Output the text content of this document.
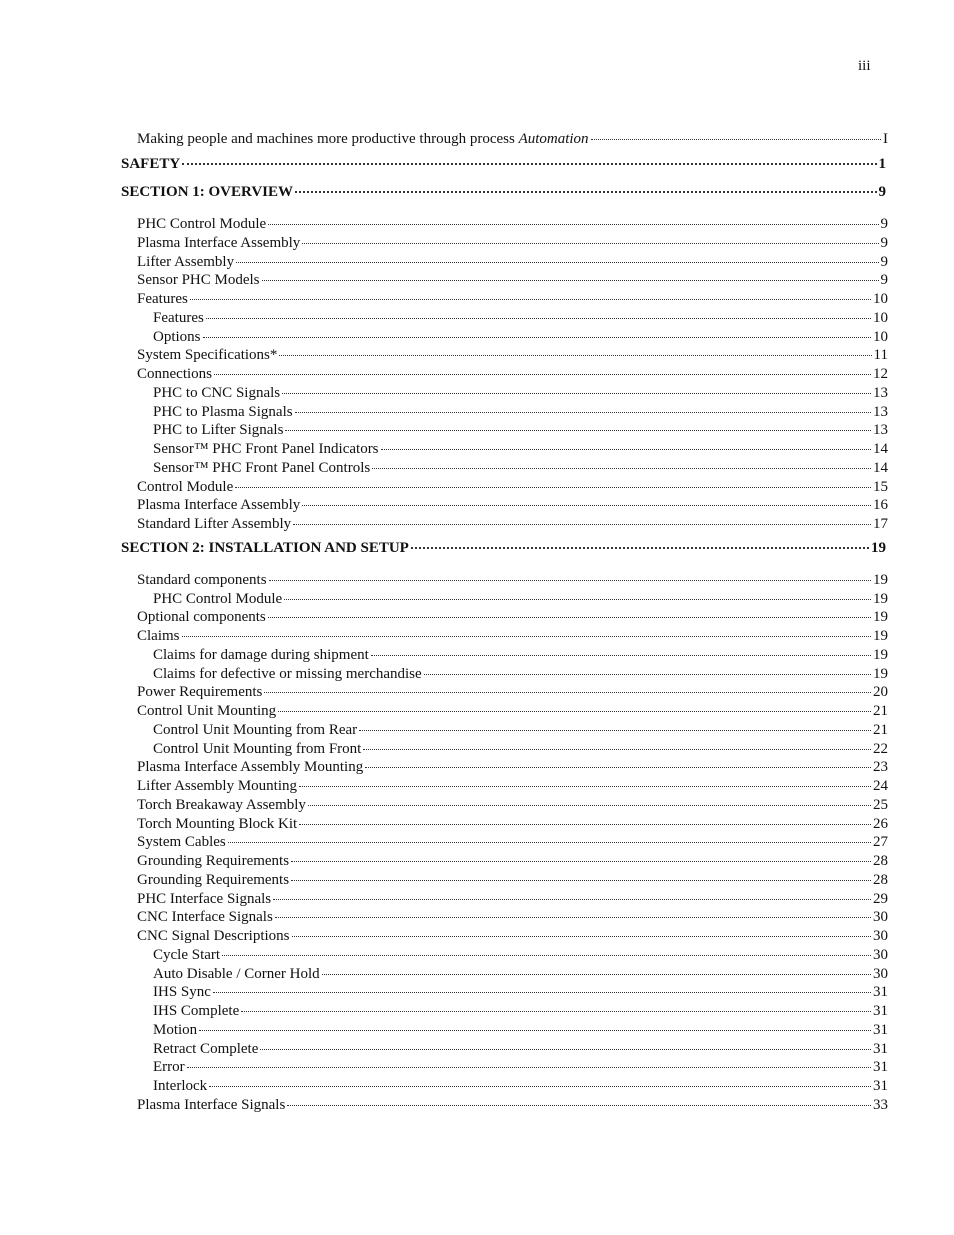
iii
Making people and machines more productive through process Automation	I
SAFETY	1
SECTION 1: OVERVIEW	9
PHC Control Module	9
Plasma Interface Assembly	9
Lifter Assembly	9
Sensor PHC Models	9
Features	10
Features	10
Options	10
System Specifications*	11
Connections	12
PHC to CNC Signals	13
PHC to Plasma Signals	13
PHC to Lifter Signals	13
Sensor™ PHC Front Panel Indicators	14
Sensor™ PHC Front Panel Controls	14
Control Module	15
Plasma Interface Assembly	16
Standard Lifter Assembly	17
SECTION 2: INSTALLATION AND SETUP	19
Standard components	19
PHC Control Module	19
Optional components	19
Claims	19
Claims for damage during shipment	19
Claims for defective or missing merchandise	19
Power Requirements	20
Control Unit Mounting	21
Control Unit Mounting from Rear	21
Control Unit Mounting from Front	22
Plasma Interface Assembly Mounting	23
Lifter Assembly Mounting	24
Torch Breakaway Assembly	25
Torch Mounting Block Kit	26
System Cables	27
Grounding Requirements	28
Grounding Requirements	28
PHC Interface Signals	29
CNC Interface Signals	30
CNC Signal Descriptions	30
Cycle Start	30
Auto Disable / Corner Hold	30
IHS Sync	31
IHS Complete	31
Motion	31
Retract Complete	31
Error	31
Interlock	31
Plasma Interface Signals	33
